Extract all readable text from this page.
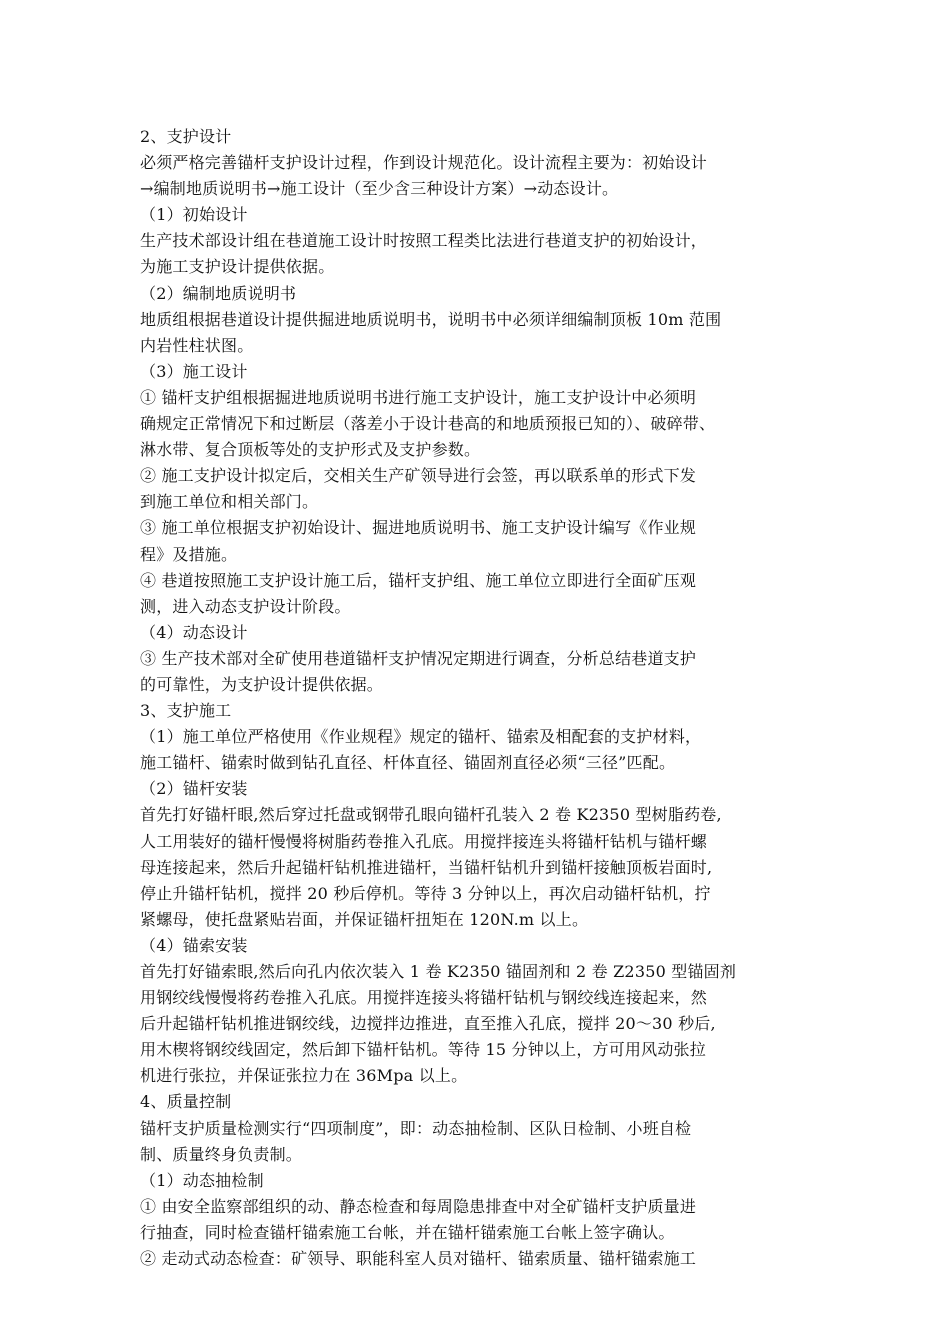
2、支护设计
必须严格完善锚杆支护设计过程，作到设计规范化。设计流程主要为：初始设计
→编制地质说明书→施工设计（至少含三种设计方案）→动态设计。
（1）初始设计
生产技术部设计组在巷道施工设计时按照工程类比法进行巷道支护的初始设计，
为施工支护设计提供依据。
（2）编制地质说明书
地质组根据巷道设计提供掘进地质说明书，说明书中必须详细编制顶板 10m 范围
内岩性柱状图。
（3）施工设计
① 锚杆支护组根据掘进地质说明书进行施工支护设计，施工支护设计中必须明
确规定正常情况下和过断层（落差小于设计巷高的和地质预报已知的）、破碎带、
淋水带、复合顶板等处的支护形式及支护参数。
② 施工支护设计拟定后，交相关生产矿领导进行会签，再以联系单的形式下发
到施工单位和相关部门。
③ 施工单位根据支护初始设计、掘进地质说明书、施工支护设计编写《作业规
程》及措施。
④ 巷道按照施工支护设计施工后，锚杆支护组、施工单位立即进行全面矿压观
测，进入动态支护设计阶段。
（4）动态设计
③ 生产技术部对全矿使用巷道锚杆支护情况定期进行调查，分析总结巷道支护
的可靠性，为支护设计提供依据。
3、支护施工
（1）施工单位严格使用《作业规程》规定的锚杆、锚索及相配套的支护材料，
施工锚杆、锚索时做到钻孔直径、杆体直径、锚固剂直径必须“三径”匹配。
（2）锚杆安装
首先打好锚杆眼,然后穿过托盘或钢带孔眼向锚杆孔装入 2 卷 K2350 型树脂药卷,
人工用装好的锚杆慢慢将树脂药卷推入孔底。用搅拌接连头将锚杆钻机与锚杆螺
母连接起来，然后升起锚杆钻机推进锚杆，当锚杆钻机升到锚杆接触顶板岩面时,
停止升锚杆钻机，搅拌 20 秒后停机。等待 3 分钟以上，再次启动锚杆钻机，拧
紧螺母，使托盘紧贴岩面，并保证锚杆扭矩在 120N.m 以上。
（4）锚索安装
首先打好锚索眼,然后向孔内依次装入 1 卷 K2350 锚固剂和 2 卷 Z2350 型锚固剂
用钢绞线慢慢将药卷推入孔底。用搅拌连接头将锚杆钻机与钢绞线连接起来，然
后升起锚杆钻机推进钢绞线，边搅拌边推进，直至推入孔底，搅拌 20～30 秒后,
用木楔将钢绞线固定，然后卸下锚杆钻机。等待 15 分钟以上，方可用风动张拉
机进行张拉，并保证张拉力在 36Mpa 以上。
4、质量控制
锚杆支护质量检测实行“四项制度”，即：动态抽检制、区队日检制、小班自检
制、质量终身负责制。
（1）动态抽检制
① 由安全监察部组织的动、静态检查和每周隐患排查中对全矿锚杆支护质量进
行抽查，同时检查锚杆锚索施工台帐，并在锚杆锚索施工台帐上签字确认。
② 走动式动态检查：矿领导、职能科室人员对锚杆、锚索质量、锚杆锚索施工
